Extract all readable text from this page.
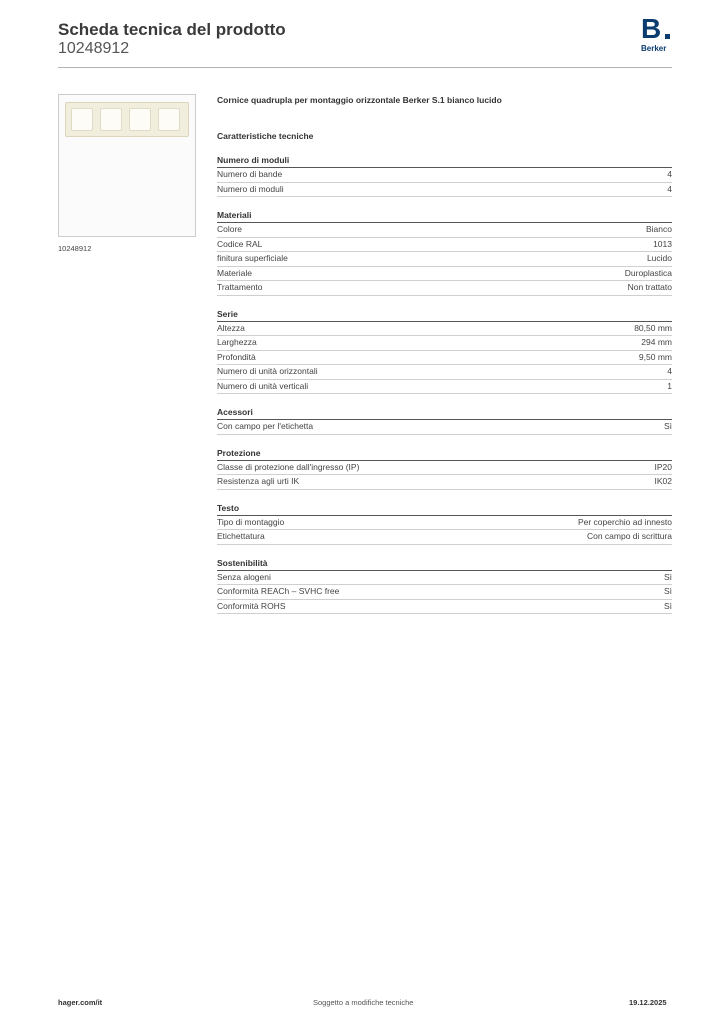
Scheda tecnica del prodotto
10248912
B
Berker
10248912
Cornice quadrupla per montaggio orizzontale Berker S.1 bianco lucido
Caratteristiche tecniche
Numero di moduli
Numero di bande	4
Numero di moduli	4
Materiali
Colore	Bianco
Codice RAL	1013
finitura superficiale	Lucido
Materiale	Duroplastica
Trattamento	Non trattato
Serie
Altezza	80,50 mm
Larghezza	294 mm
Profondità	9,50 mm
Numero di unità orizzontali	4
Numero di unità verticali	1
Acessori
Con campo per l'etichetta	Sì
Protezione
Classe di protezione dall'ingresso (IP)	IP20
Resistenza agli urti IK	IK02
Testo
Tipo di montaggio	Per coperchio ad innesto
Etichettatura	Con campo di scrittura
Sostenibilità
Senza alogeni	Sì
Conformità REACh – SVHC free	Sì
Conformità ROHS	Sì
hager.com/it	Soggetto a modifiche tecniche	19.12.2025
